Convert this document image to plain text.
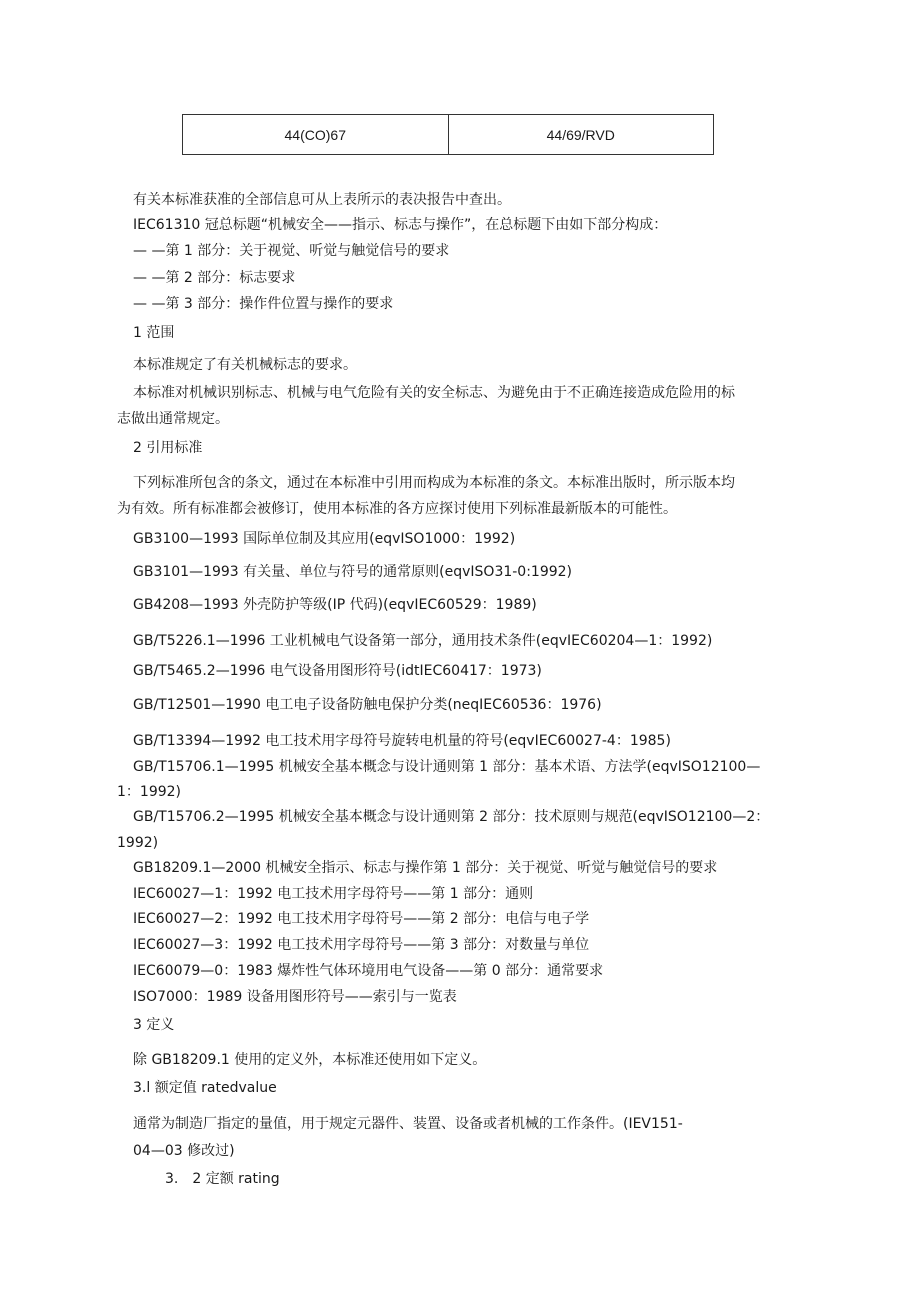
44(CO)67	44/69/RVD
有关本标准获准的全部信息可从上表所示的表决报告中查出。
IEC61310 冠总标题“机械安全——指示、标志与操作”，在总标题下由如下部分构成：
— —第 1 部分：关于视觉、听觉与触觉信号的要求
— —第 2 部分：标志要求
— —第 3 部分：操作件位置与操作的要求
1 范围
本标准规定了有关机械标志的要求。
本标准对机械识别标志、机械与电气危险有关的安全标志、为避免由于不正确连接造成危险用的标
志做出通常规定。
2 引用标准
下列标准所包含的条文，通过在本标准中引用而构成为本标准的条文。本标准出版时，所示版本均
为有效。所有标准都会被修订，使用本标准的各方应探讨使用下列标准最新版本的可能性。
GB3100—1993 国际单位制及其应用(eqvISO1000：1992)
GB3101—1993 有关量、单位与符号的通常原则(eqvISO31-0:1992)
GB4208—1993 外壳防护等级(IP 代码)(eqvIEC60529：1989)
GB/T5226.1—1996 工业机械电气设备第一部分，通用技术条件(eqvIEC60204—1：1992)
GB/T5465.2—1996 电气设备用图形符号(idtIEC60417：1973)
GB/T12501—1990 电工电子设备防触电保护分类(neqIEC60536：1976)
GB/T13394—1992 电工技术用字母符号旋转电机量的符号(eqvIEC60027-4：1985)
GB/T15706.1—1995 机械安全基本概念与设计通则第 1 部分：基本术语、方法学(eqvISO12100—
1：1992)
GB/T15706.2—1995 机械安全基本概念与设计通则第 2 部分：技术原则与规范(eqvISO12100—2：
1992)
GB18209.1—2000 机械安全指示、标志与操作第 1 部分：关于视觉、听觉与触觉信号的要求
IEC60027—1：1992 电工技术用字母符号——第 1 部分：通则
IEC60027—2：1992 电工技术用字母符号——第 2 部分：电信与电子学
IEC60027—3：1992 电工技术用字母符号——第 3 部分：对数量与单位
IEC60079—0：1983 爆炸性气体环境用电气设备——第 0 部分：通常要求
ISO7000：1989 设备用图形符号——索引与一览表
3 定义
除 GB18209.1 使用的定义外，本标准还使用如下定义。
3.l 额定值 ratedvalue
通常为制造厂指定的量值，用于规定元器件、装置、设备或者机械的工作条件。(IEV151-
04—03 修改过)
3.　2 定额 rating
